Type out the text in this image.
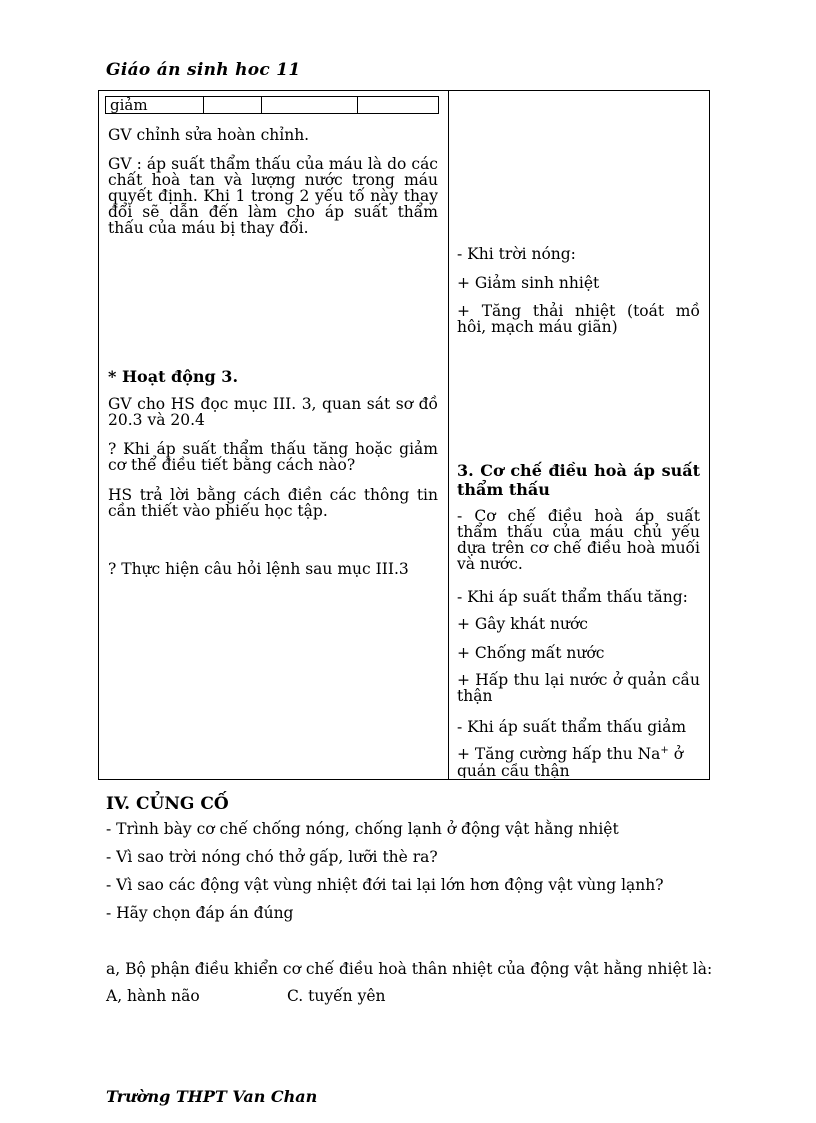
Giáo án sinh hoc 11
giảm
GV chỉnh sửa hoàn chỉnh.
GV : áp suất thẩm thấu của máu là do các chất hoà tan và lượng nước trong máu quyết định. Khi 1 trong 2 yếu tố này thay đổi sẽ dẫn đến làm cho áp suất thẩm thấu của máu bị thay đổi.
* Hoạt động 3.
GV cho HS đọc mục III. 3, quan sát sơ đồ 20.3 và 20.4
? Khi áp suất thẩm thấu tăng hoặc giảm cơ thể điều tiết bằng cách nào?
HS trả lời bằng cách điền các thông tin cần thiết vào phiếu học tập.
? Thực hiện câu hỏi lệnh sau mục III.3
- Khi trời nóng:
+ Giảm sinh nhiệt
+ Tăng thải nhiệt (toát mồ hôi, mạch máu giãn)
3. Cơ chế điều hoà áp suất thẩm thấu
- Cơ chế điều hoà áp suất thẩm thấu của máu chủ yếu dựa trên cơ chế điều hoà muối và nước.
- Khi áp suất thẩm thấu tăng:
+ Gây khát nước
+ Chống mất nước
+ Hấp thu lại nước ở quản cầu thận
- Khi áp suất thẩm thấu giảm
+ Tăng cường hấp thu Na+ ở
quản cầu thận
IV. CỦNG CỐ
- Trình bày cơ chế chống nóng, chống lạnh ở động vật hằng nhiệt
- Vì sao trời nóng chó thở gấp, lưỡi thè ra?
- Vì sao các động vật vùng nhiệt đới tai lại lớn hơn động vật vùng lạnh?
- Hãy chọn đáp án đúng
a, Bộ phận điều khiển cơ chế điều hoà thân nhiệt của động vật hằng nhiệt là:
A, hành não	C. tuyến yên
Trường THPT Van Chan
